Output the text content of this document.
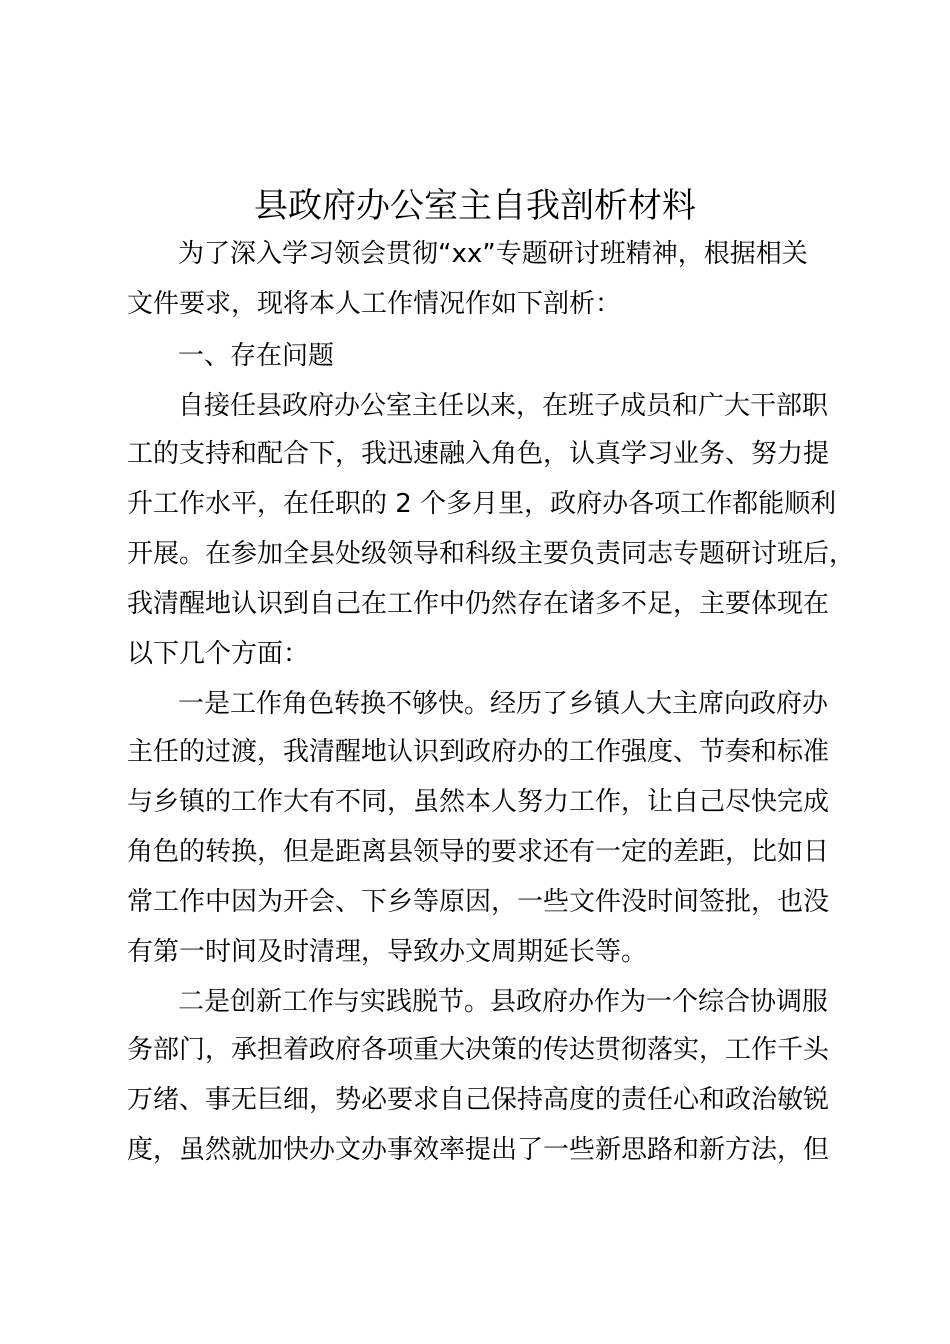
县政府办公室主自我剖析材料
为了深入学习领会贯彻“xx”专题研讨班精神，根据相关
文件要求，现将本人工作情况作如下剖析：
一、存在问题
自接任县政府办公室主任以来，在班子成员和广大干部职
工的支持和配合下，我迅速融入角色，认真学习业务、努力提
升工作水平，在任职的 2 个多月里，政府办各项工作都能顺利
开展。在参加全县处级领导和科级主要负责同志专题研讨班后，
我清醒地认识到自己在工作中仍然存在诸多不足，主要体现在
以下几个方面：
一是工作角色转换不够快。经历了乡镇人大主席向政府办
主任的过渡，我清醒地认识到政府办的工作强度、节奏和标准
与乡镇的工作大有不同，虽然本人努力工作，让自己尽快完成
角色的转换，但是距离县领导的要求还有一定的差距，比如日
常工作中因为开会、下乡等原因，一些文件没时间签批，也没
有第一时间及时清理，导致办文周期延长等。
二是创新工作与实践脱节。县政府办作为一个综合协调服
务部门，承担着政府各项重大决策的传达贯彻落实，工作千头
万绪、事无巨细，势必要求自己保持高度的责任心和政治敏锐
度，虽然就加快办文办事效率提出了一些新思路和新方法，但
